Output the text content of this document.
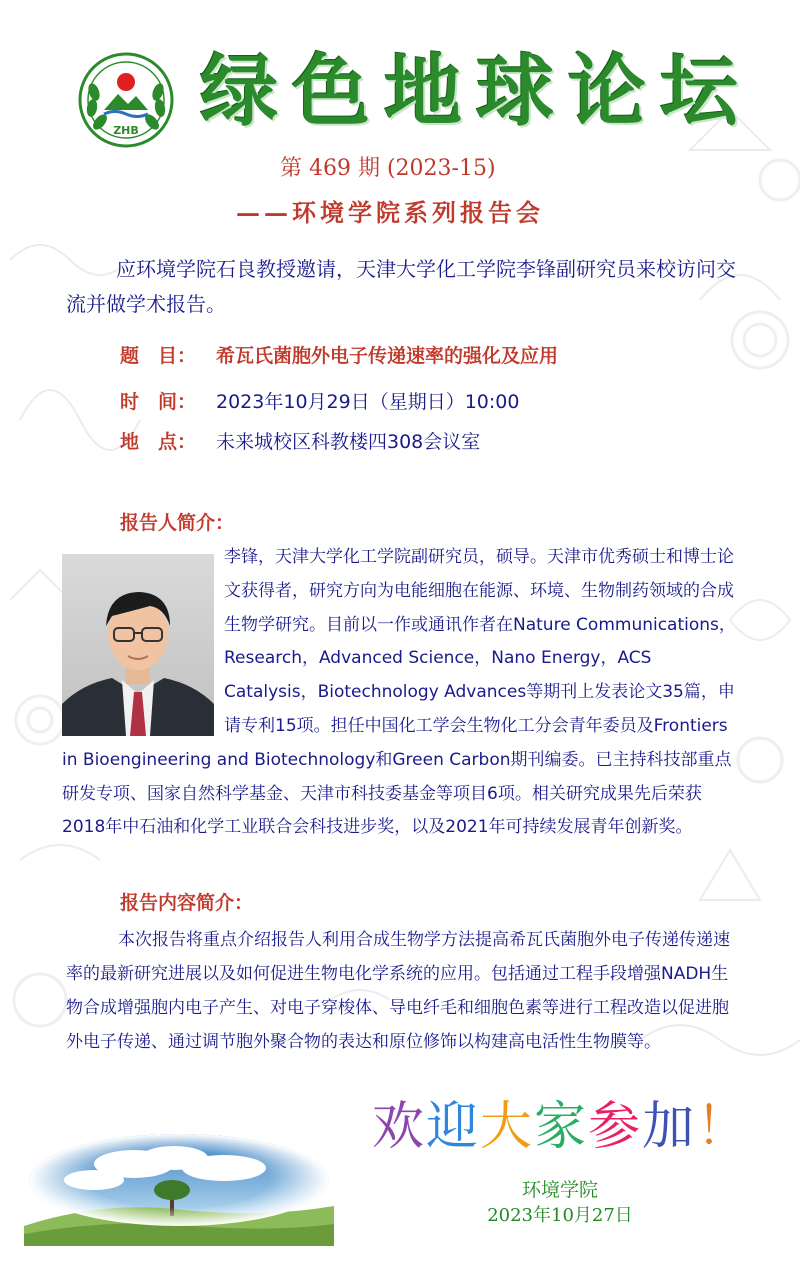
ZHB 绿色地球论坛
第 469 期 (2023-15)
——环境学院系列报告会

应环境学院石良教授邀请，天津大学化工学院李锋副研究员来校访问交流并做学术报告。

题　目： 希瓦氏菌胞外电子传递速率的强化及应用
时　间： 2023年10月29日（星期日）10:00
地　点： 未来城校区科教楼四308会议室
报告人简介：

李锋，天津大学化工学院副研究员，硕导。天津市优秀硕士和博士论文获得者，研究方向为电能细胞在能源、环境、生物制药领域的合成生物学研究。目前以一作或通讯作者在Nature Communications，Research，Advanced Science，Nano Energy，ACS Catalysis，Biotechnology Advances等期刊上发表论文35篇，申请专利15项。担任中国化工学会生物化工分会青年委员及Frontiers in Bioengineering and Biotechnology和Green Carbon期刊编委。已主持科技部重点研发专项、国家自然科学基金、天津市科技委基金等项目6项。相关研究成果先后荣获2018年中石油和化学工业联合会科技进步奖，以及2021年可持续发展青年创新奖。

报告内容简介：

本次报告将重点介绍报告人利用合成生物学方法提高希瓦氏菌胞外电子传递传递速率的最新研究进展以及如何促进生物电化学系统的应用。包括通过工程手段增强NADH生物合成增强胞内电子产生、对电子穿梭体、导电纤毛和细胞色素等进行工程改造以促进胞外电子传递、通过调节胞外聚合物的表达和原位修饰以构建高电活性生物膜等。

欢迎大家参加！
环境学院
2023年10月27日
